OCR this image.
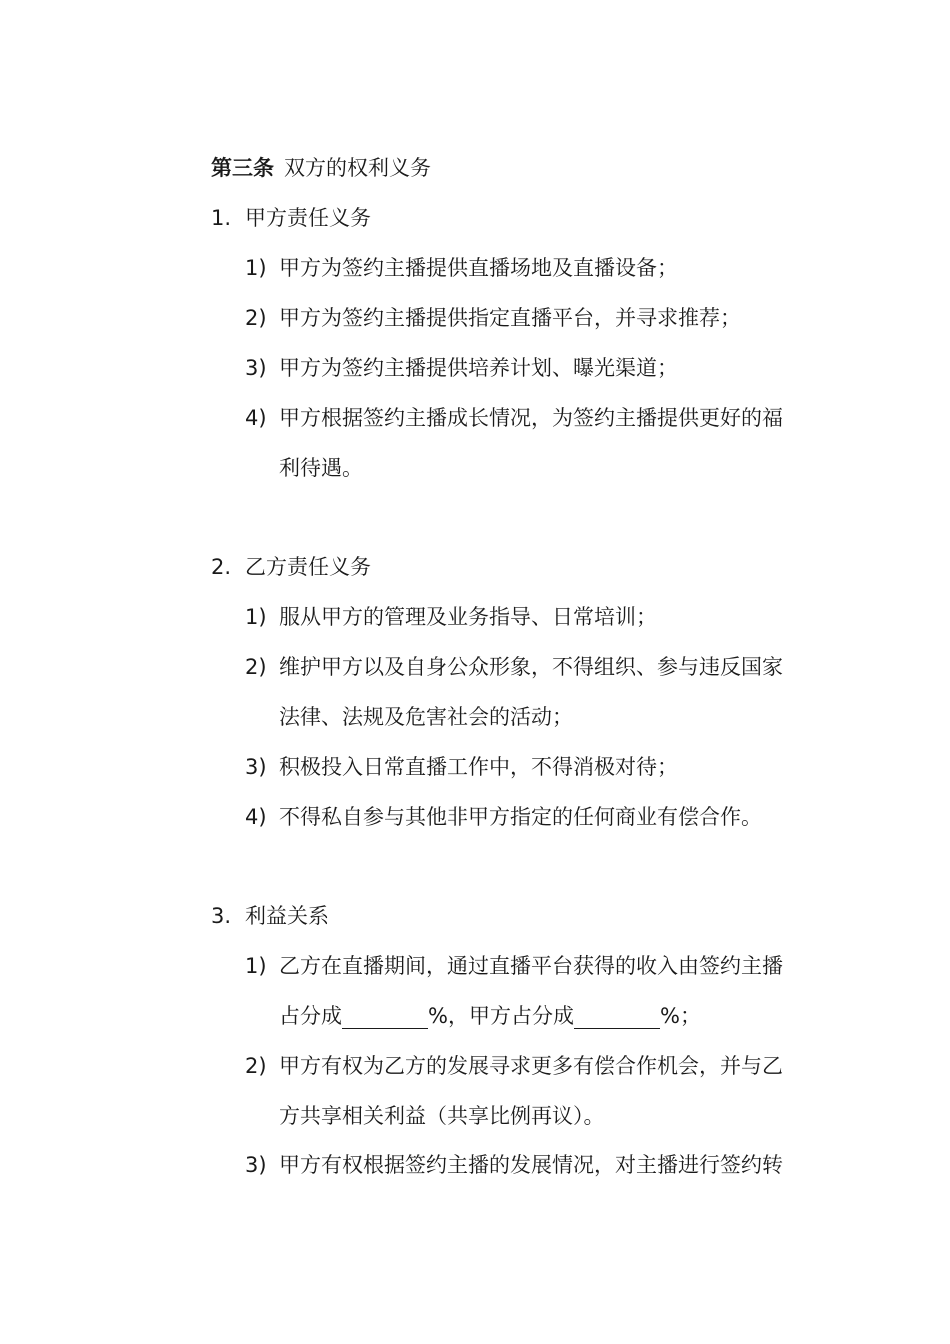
第三条 双方的权利义务
1. 甲方责任义务
1) 甲方为签约主播提供直播场地及直播设备；
2) 甲方为签约主播提供指定直播平台，并寻求推荐；
3) 甲方为签约主播提供培养计划、曝光渠道；
4) 甲方根据签约主播成长情况，为签约主播提供更好的福
利待遇。
2. 乙方责任义务
1) 服从甲方的管理及业务指导、日常培训；
2) 维护甲方以及自身公众形象，不得组织、参与违反国家
法律、法规及危害社会的活动；
3) 积极投入日常直播工作中，不得消极对待；
4) 不得私自参与其他非甲方指定的任何商业有偿合作。
3. 利益关系
1) 乙方在直播期间，通过直播平台获得的收入由签约主播
占分成	%，甲方占分成	%；
2) 甲方有权为乙方的发展寻求更多有偿合作机会，并与乙
方共享相关利益（共享比例再议）。
3) 甲方有权根据签约主播的发展情况，对主播进行签约转
